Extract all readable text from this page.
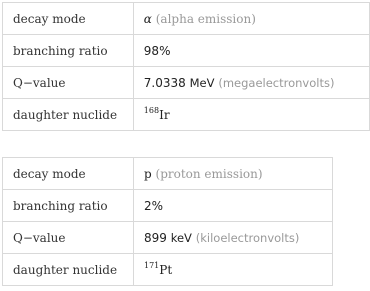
decay mode	α (alpha emission)
branching ratio	98%
Q−value	7.0338 MeV (megaelectronvolts)
daughter nuclide	$^{168}$Ir
decay mode	p (proton emission)
branching ratio	2%
Q−value	899 keV (kiloelectronvolts)
daughter nuclide	$^{171}$Pt
